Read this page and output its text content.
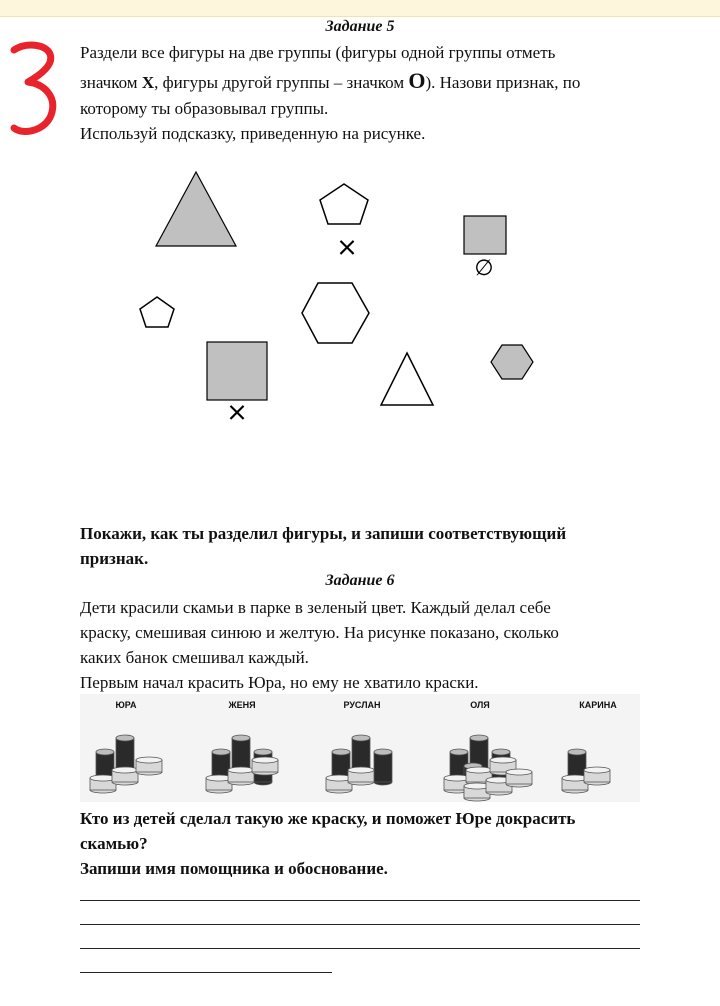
Задание 5
Раздели все фигуры на две группы (фигуры одной группы отметь
значком Х, фигуры другой группы – значком О). Назови признак, по
которому ты образовывал группы.
Используй подсказку, приведенную на рисунке.
×
∅
×
Покажи, как ты разделил фигуры, и запиши соответствующий
признак.
Задание 6
Дети красили скамьи в парке в зеленый цвет. Каждый делал себе
краску, смешивая синюю и желтую. На рисунке показано, сколько
каких банок смешивал каждый.
Первым начал красить Юра, но ему не хватило краски.
ЮРА	ЖЕНЯ	РУСЛАН	ОЛЯ	КАРИНА
Кто из детей сделал такую же краску, и поможет Юре докрасить
скамью?
Запиши имя помощника и обоснование.
